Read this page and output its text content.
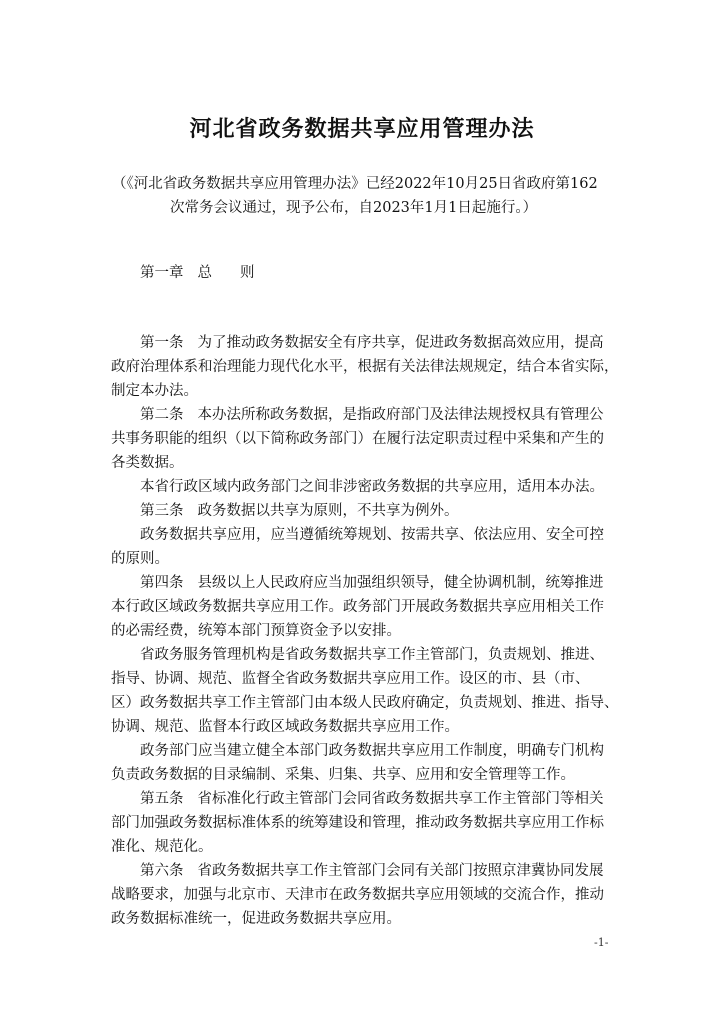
河北省政务数据共享应用管理办法
（《河北省政务数据共享应用管理办法》已经2022年10月25日省政府第162
次常务会议通过，现予公布，自2023年1月1日起施行。）
第一章 总 则

第一条 为了推动政务数据安全有序共享，促进政务数据高效应用，提高
政府治理体系和治理能力现代化水平，根据有关法律法规规定，结合本省实际，
制定本办法。

第二条 本办法所称政务数据，是指政府部门及法律法规授权具有管理公
共事务职能的组织（以下简称政务部门）在履行法定职责过程中采集和产生的
各类数据。

本省行政区域内政务部门之间非涉密政务数据的共享应用，适用本办法。

第三条 政务数据以共享为原则，不共享为例外。

政务数据共享应用，应当遵循统筹规划、按需共享、依法应用、安全可控
的原则。

第四条 县级以上人民政府应当加强组织领导，健全协调机制，统筹推进
本行政区域政务数据共享应用工作。政务部门开展政务数据共享应用相关工作
的必需经费，统筹本部门预算资金予以安排。

省政务服务管理机构是省政务数据共享工作主管部门，负责规划、推进、
指导、协调、规范、监督全省政务数据共享应用工作。设区的市、县（市、
区）政务数据共享工作主管部门由本级人民政府确定，负责规划、推进、指导、
协调、规范、监督本行政区域政务数据共享应用工作。

政务部门应当建立健全本部门政务数据共享应用工作制度，明确专门机构
负责政务数据的目录编制、采集、归集、共享、应用和安全管理等工作。

第五条 省标准化行政主管部门会同省政务数据共享工作主管部门等相关
部门加强政务数据标准体系的统筹建设和管理，推动政务数据共享应用工作标
准化、规范化。

第六条 省政务数据共享工作主管部门会同有关部门按照京津冀协同发展
战略要求，加强与北京市、天津市在政务数据共享应用领域的交流合作，推动
政务数据标准统一，促进政务数据共享应用。

-1-
